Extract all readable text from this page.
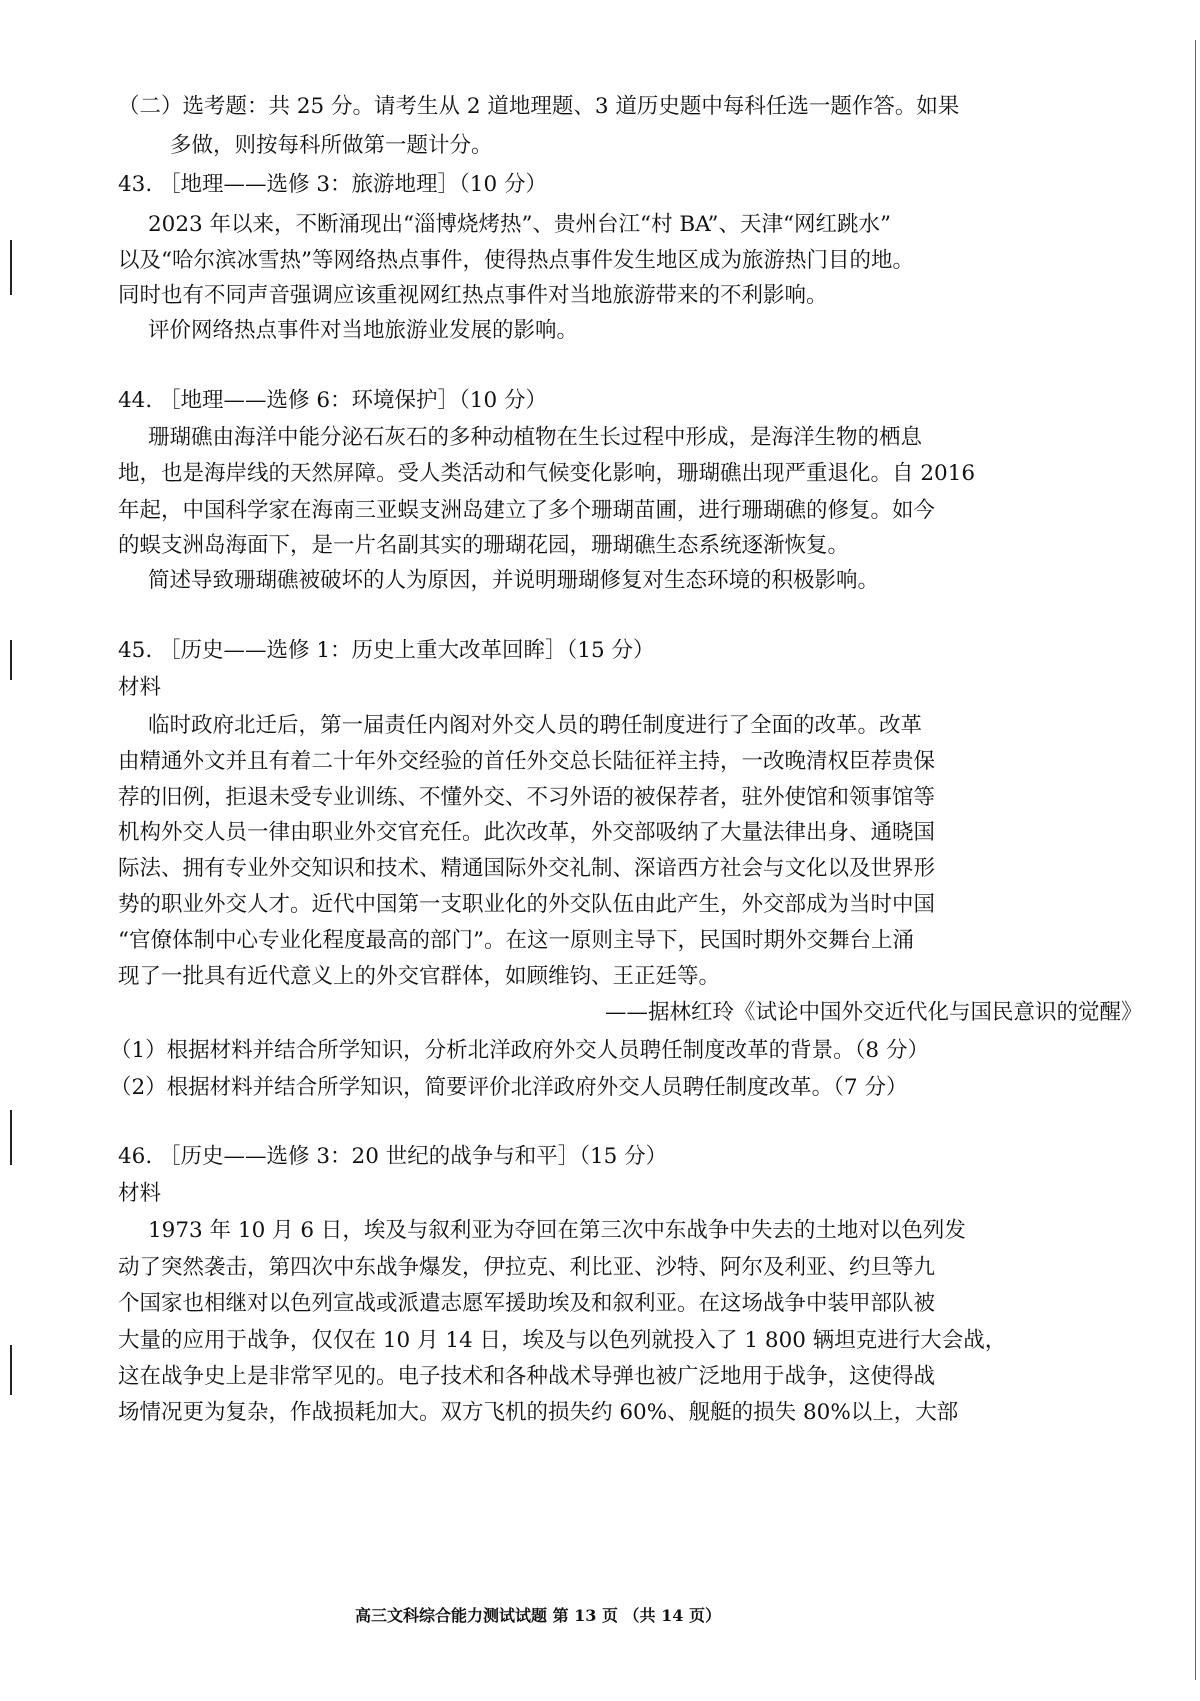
（二）选考题：共 25 分。请考生从 2 道地理题、3 道历史题中每科任选一题作答。如果
多做，则按每科所做第一题计分。
43. ［地理——选修 3：旅游地理］（10 分）
2023 年以来，不断涌现出“淄博烧烤热”、贵州台江“村 BA”、天津“网红跳水”
以及“哈尔滨冰雪热”等网络热点事件，使得热点事件发生地区成为旅游热门目的地。
同时也有不同声音强调应该重视网红热点事件对当地旅游带来的不利影响。
评价网络热点事件对当地旅游业发展的影响。
44. ［地理——选修 6：环境保护］（10 分）
珊瑚礁由海洋中能分泌石灰石的多种动植物在生长过程中形成，是海洋生物的栖息
地，也是海岸线的天然屏障。受人类活动和气候变化影响，珊瑚礁出现严重退化。自 2016
年起，中国科学家在海南三亚蜈支洲岛建立了多个珊瑚苗圃，进行珊瑚礁的修复。如今
的蜈支洲岛海面下，是一片名副其实的珊瑚花园，珊瑚礁生态系统逐渐恢复。
简述导致珊瑚礁被破坏的人为原因，并说明珊瑚修复对生态环境的积极影响。
45. ［历史——选修 1：历史上重大改革回眸］（15 分）
材料
临时政府北迁后，第一届责任内阁对外交人员的聘任制度进行了全面的改革。改革
由精通外文并且有着二十年外交经验的首任外交总长陆征祥主持，一改晚清权臣荐贵保
荐的旧例，拒退未受专业训练、不懂外交、不习外语的被保荐者，驻外使馆和领事馆等
机构外交人员一律由职业外交官充任。此次改革，外交部吸纳了大量法律出身、通晓国
际法、拥有专业外交知识和技术、精通国际外交礼制、深谙西方社会与文化以及世界形
势的职业外交人才。近代中国第一支职业化的外交队伍由此产生，外交部成为当时中国
“官僚体制中心专业化程度最高的部门”。在这一原则主导下，民国时期外交舞台上涌
现了一批具有近代意义上的外交官群体，如顾维钧、王正廷等。
——据林红玲《试论中国外交近代化与国民意识的觉醒》
（1）根据材料并结合所学知识，分析北洋政府外交人员聘任制度改革的背景。（8 分）
（2）根据材料并结合所学知识，简要评价北洋政府外交人员聘任制度改革。（7 分）
46. ［历史——选修 3：20 世纪的战争与和平］（15 分）
材料
1973 年 10 月 6 日，埃及与叙利亚为夺回在第三次中东战争中失去的土地对以色列发
动了突然袭击，第四次中东战争爆发，伊拉克、利比亚、沙特、阿尔及利亚、约旦等九
个国家也相继对以色列宣战或派遣志愿军援助埃及和叙利亚。在这场战争中装甲部队被
大量的应用于战争，仅仅在 10 月 14 日，埃及与以色列就投入了 1 800 辆坦克进行大会战，
这在战争史上是非常罕见的。电子技术和各种战术导弹也被广泛地用于战争，这使得战
场情况更为复杂，作战损耗加大。双方飞机的损失约 60%、舰艇的损失 80%以上，大部
高三文科综合能力测试试题 第 13 页 （共 14 页）
